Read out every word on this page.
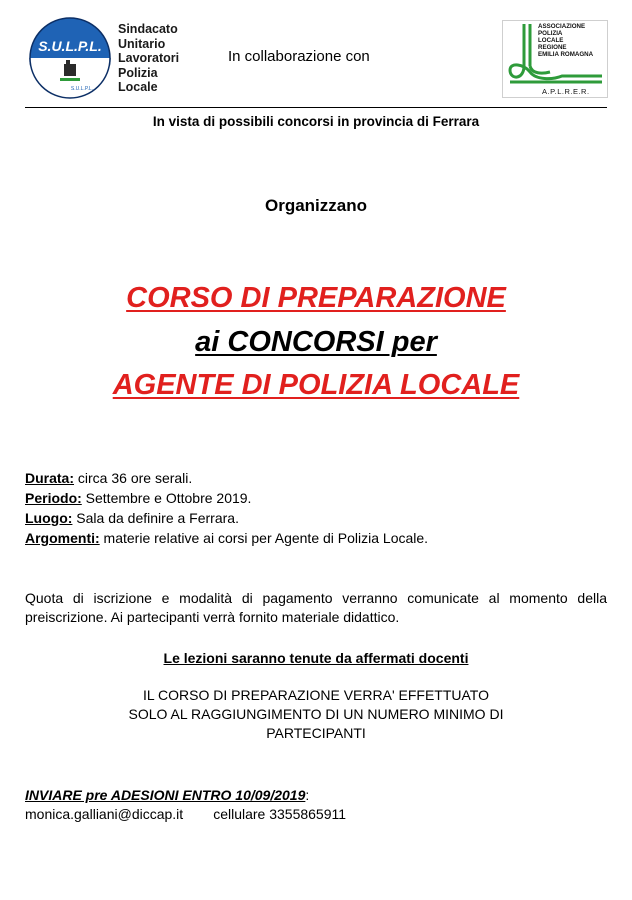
S.U.L.P.L.
S.U.L.P.L.
Sindacato
Unitario
Lavoratori
Polizia
Locale
In collaborazione con
ASSOCIAZIONE
POLIZIA
LOCALE
REGIONE
EMILIA ROMAGNA
A.P.L.R.E.R.
In vista di possibili concorsi in provincia di Ferrara
Organizzano
CORSO DI PREPARAZIONE
ai CONCORSI per
AGENTE DI POLIZIA LOCALE
Durata: circa 36 ore serali.
Periodo: Settembre e Ottobre 2019.
Luogo: Sala da definire a Ferrara.
Argomenti: materie relative ai corsi per Agente di Polizia Locale.
Quota di iscrizione e modalità di pagamento verranno comunicate al momento della preiscrizione. Ai partecipanti verrà fornito materiale didattico.
Le lezioni saranno tenute da affermati docenti
IL CORSO DI PREPARAZIONE VERRA' EFFETTUATO
SOLO AL RAGGIUNGIMENTO DI UN NUMERO MINIMO DI
PARTECIPANTI
INVIARE pre ADESIONI ENTRO 10/09/2019:
monica.galliani@diccap.it cellulare 3355865911
